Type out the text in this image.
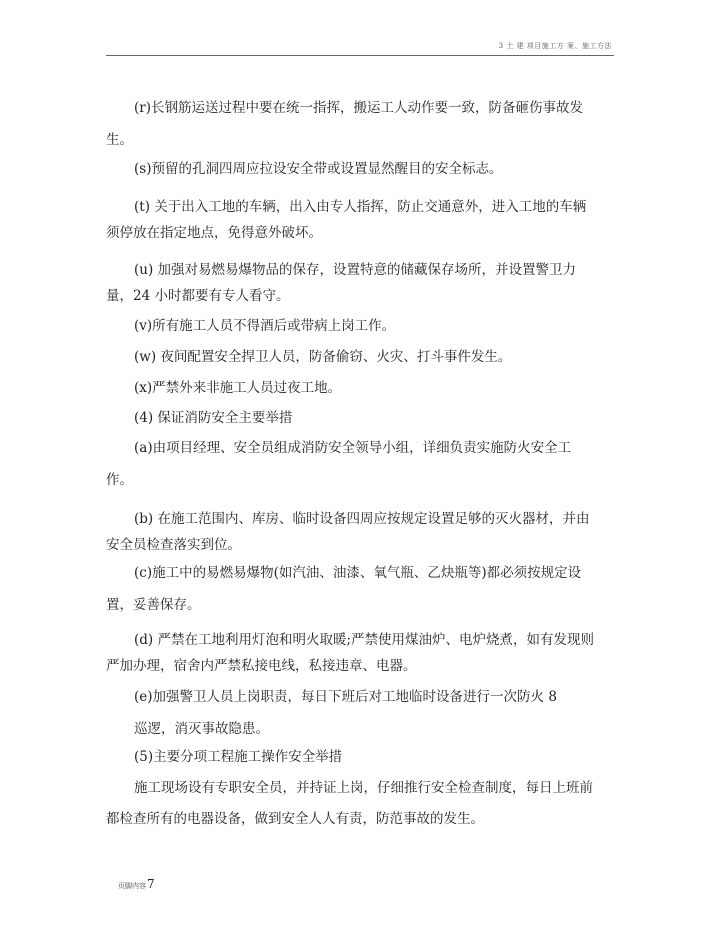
3 土 建 项目施工方 案、施工方法
(r)长钢筋运送过程中要在统一指挥，搬运工人动作要一致，防备砸伤事故发
生。
(s)预留的孔洞四周应拉设安全带或设置显然醒目的安全标志。
(t) 关于出入工地的车辆，出入由专人指挥，防止交通意外，进入工地的车辆
须停放在指定地点，免得意外破坏。
(u) 加强对易燃易爆物品的保存，设置特意的储藏保存场所，并设置警卫力
量，24 小时都要有专人看守。
(v)所有施工人员不得酒后或带病上岗工作。
(w) 夜间配置安全捍卫人员，防备偷窃、火灾、打斗事件发生。
(x)严禁外来非施工人员过夜工地。
(4) 保证消防安全主要举措
(a)由项目经理、安全员组成消防安全领导小组，详细负责实施防火安全工
作。
(b) 在施工范围内、库房、临时设备四周应按规定设置足够的灭火器材，并由
安全员检查落实到位。
(c)施工中的易燃易爆物(如汽油、油漆、氧气瓶、乙炔瓶等)都必须按规定设
置，妥善保存。
(d) 严禁在工地利用灯泡和明火取暖;严禁使用煤油炉、电炉烧煮，如有发现则
严加办理，宿舍内严禁私接电线，私接违章、电器。
(e)加强警卫人员上岗职责，每日下班后对工地临时设备进行一次防火 8
巡逻，消灭事故隐患。
(5)主要分项工程施工操作安全举措
施工现场设有专职安全员，并持证上岗，仔细推行安全检查制度，每日上班前
都检查所有的电器设备，做到安全人人有责，防范事故的发生。
页脚内容7
